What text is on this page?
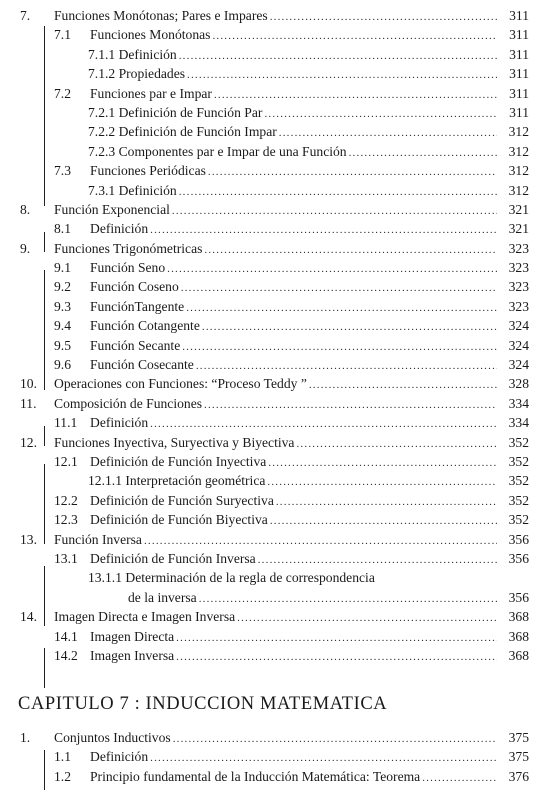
7. Funciones Monótonas; Pares e Impares .....	311
7.1 Funciones Monótonas .....	311
7.1.1 Definición .....	311
7.1.2 Propiedades .....	311
7.2 Funciones par e Impar .....	311
7.2.1 Definición de Función Par .....	311
7.2.2 Definición de Función Impar .....	312
7.2.3 Componentes par e Impar de una Función .....	312
7.3 Funciones Periódicas .....	312
7.3.1 Definición .....	312
8. Función Exponencial .....	321
8.1 Definición .....	321
9. Funciones Trigonómetricas .....	323
9.1 Función Seno .....	323
9.2 Función Coseno .....	323
9.3 FunciónTangente .....	323
9.4 Función Cotangente .....	324
9.5 Función Secante .....	324
9.6 Función Cosecante .....	324
10. Operaciones con Funciones: “Proceso Teddy ” .....	328
11. Composición de Funciones .....	334
11.1 Definición .....	334
12. Funciones Inyectiva, Suryectiva y Biyectiva .....	352
12.1 Definición de Función Inyectiva .....	352
12.1.1 Interpretación geométrica .....	352
12.2 Definición de Función Suryectiva .....	352
12.3 Definición de Función Biyectiva .....	352
13. Función Inversa .....	356
13.1 Definición de Función Inversa .....	356
13.1.1 Determinación de la regla de correspondencia
de la inversa .....	356
14. Imagen Directa e Imagen Inversa .....	368
14.1 Imagen Directa .....	368
14.2 Imagen Inversa .....	368
CAPITULO 7 : INDUCCION MATEMATICA
1. Conjuntos Inductivos .....	375
1.1 Definición .....	375
1.2 Principio fundamental de la Inducción Matemática: Teorema .....	376
